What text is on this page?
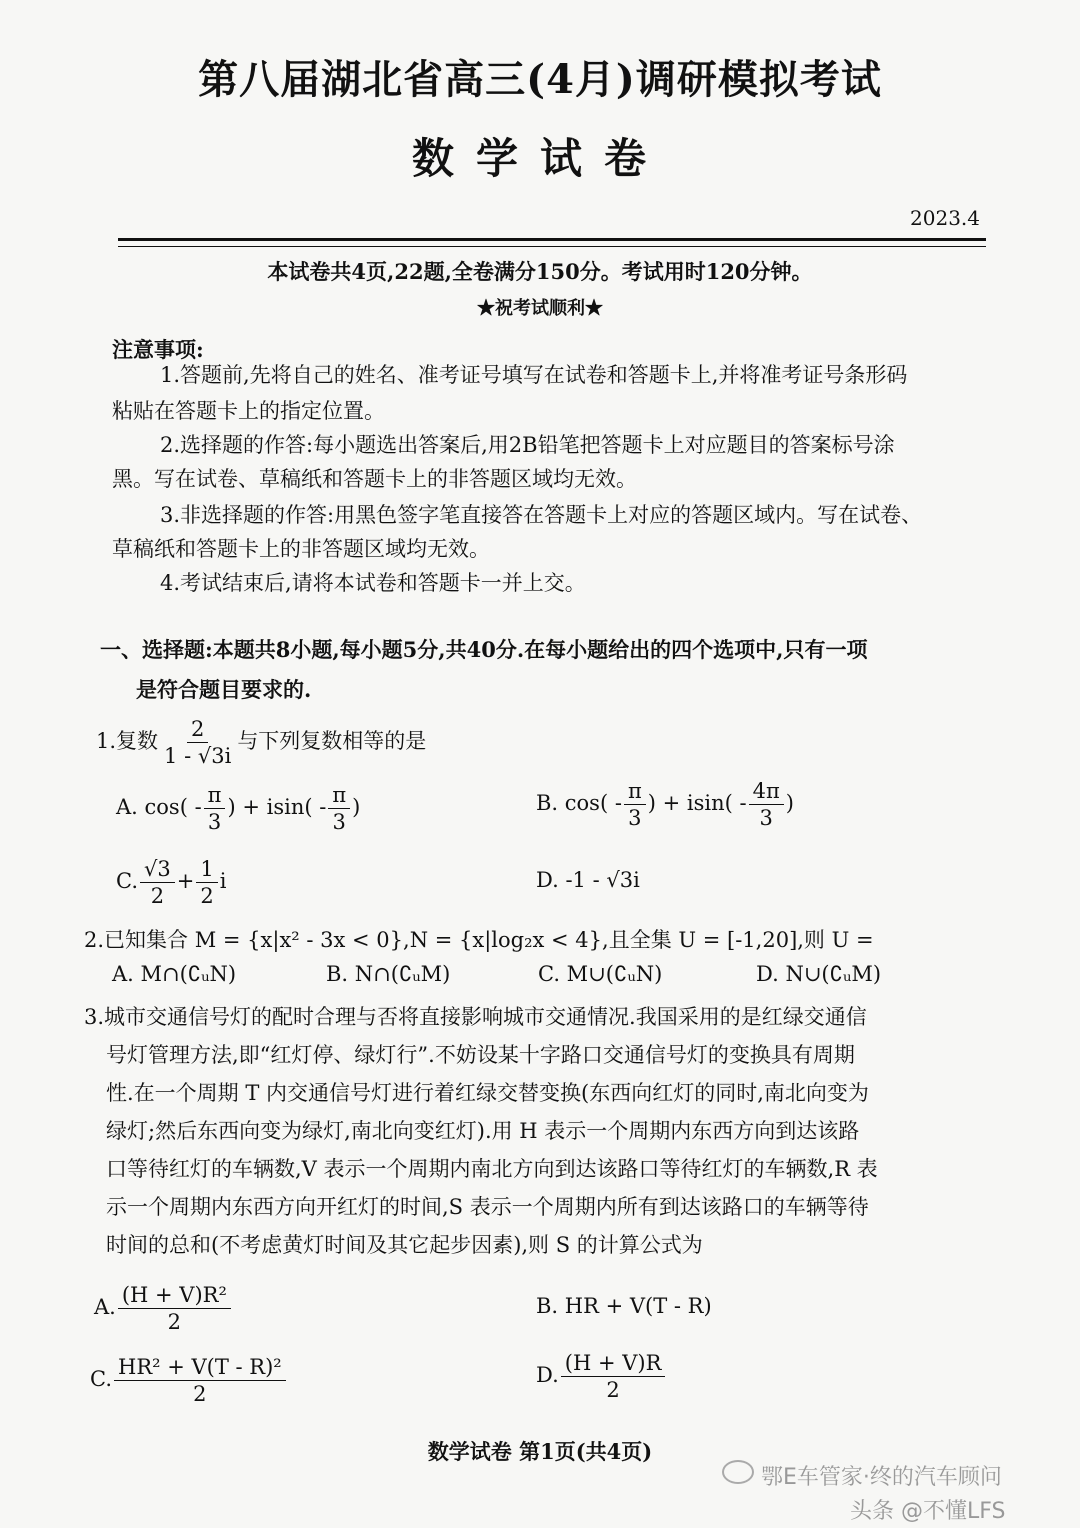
第八届湖北省高三(4月)调研模拟考试
数学试卷
2023.4
本试卷共4页,22题,全卷满分150分。考试用时120分钟。
★祝考试顺利★
注意事项:
1.答题前,先将自己的姓名、准考证号填写在试卷和答题卡上,并将准考证号条形码
粘贴在答题卡上的指定位置。
2.选择题的作答:每小题选出答案后,用2B铅笔把答题卡上对应题目的答案标号涂
黑。写在试卷、草稿纸和答题卡上的非答题区域均无效。
3.非选择题的作答:用黑色签字笔直接答在答题卡上对应的答题区域内。写在试卷、
草稿纸和答题卡上的非答题区域均无效。
4.考试结束后,请将本试卷和答题卡一并上交。
一、选择题:本题共8小题,每小题5分,共40分.在每小题给出的四个选项中,只有一项
是符合题目要求的.
1.复数 $\frac{2}{1 - √3i}$ 与下列复数相等的是
A. $\cos( - \frac{\pi}{3}$ ) + $isin( - \frac{\pi}{3}$ )	B. $\cos( - \frac{\pi}{3}$ ) + $isin( - \frac{4\pi}{3}$ )
C. $\frac{√3}{2} + \frac{1}{2}$ i	D. -1 - √3i
2.已知集合 M = {x|x² - 3x < 0},N = {x|log₂x < 4},且全集 U = [-1,20],则 U =
A. M∩(∁ᵤN)	B. N∩(∁ᵤM)	C. M∪(∁ᵤN)	D. N∪(∁ᵤM)
3.城市交通信号灯的配时合理与否将直接影响城市交通情况.我国采用的是红绿交通信
号灯管理方法,即“红灯停、绿灯行”.不妨设某十字路口交通信号灯的变换具有周期
性.在一个周期 T 内交通信号灯进行着红绿交替变换(东西向红灯的同时,南北向变为
绿灯;然后东西向变为绿灯,南北向变红灯).用 H 表示一个周期内东西方向到达该路
口等待红灯的车辆数,V 表示一个周期内南北方向到达该路口等待红灯的车辆数,R 表
示一个周期内东西方向开红灯的时间,S 表示一个周期内所有到达该路口的车辆等待
时间的总和(不考虑黄灯时间及其它起步因素),则 S 的计算公式为
A. $\frac{\text{(H + V)R²}}{2}$	B. HR + V(T - R)
C. $\frac{\text{HR² + V(T - R)²}}{2}$	D. $\frac{(H + V)R}{2}$
数学试卷 第1页(共4页)
鄂E车管家·终的汽车顾问
头条 @不懂LFS
